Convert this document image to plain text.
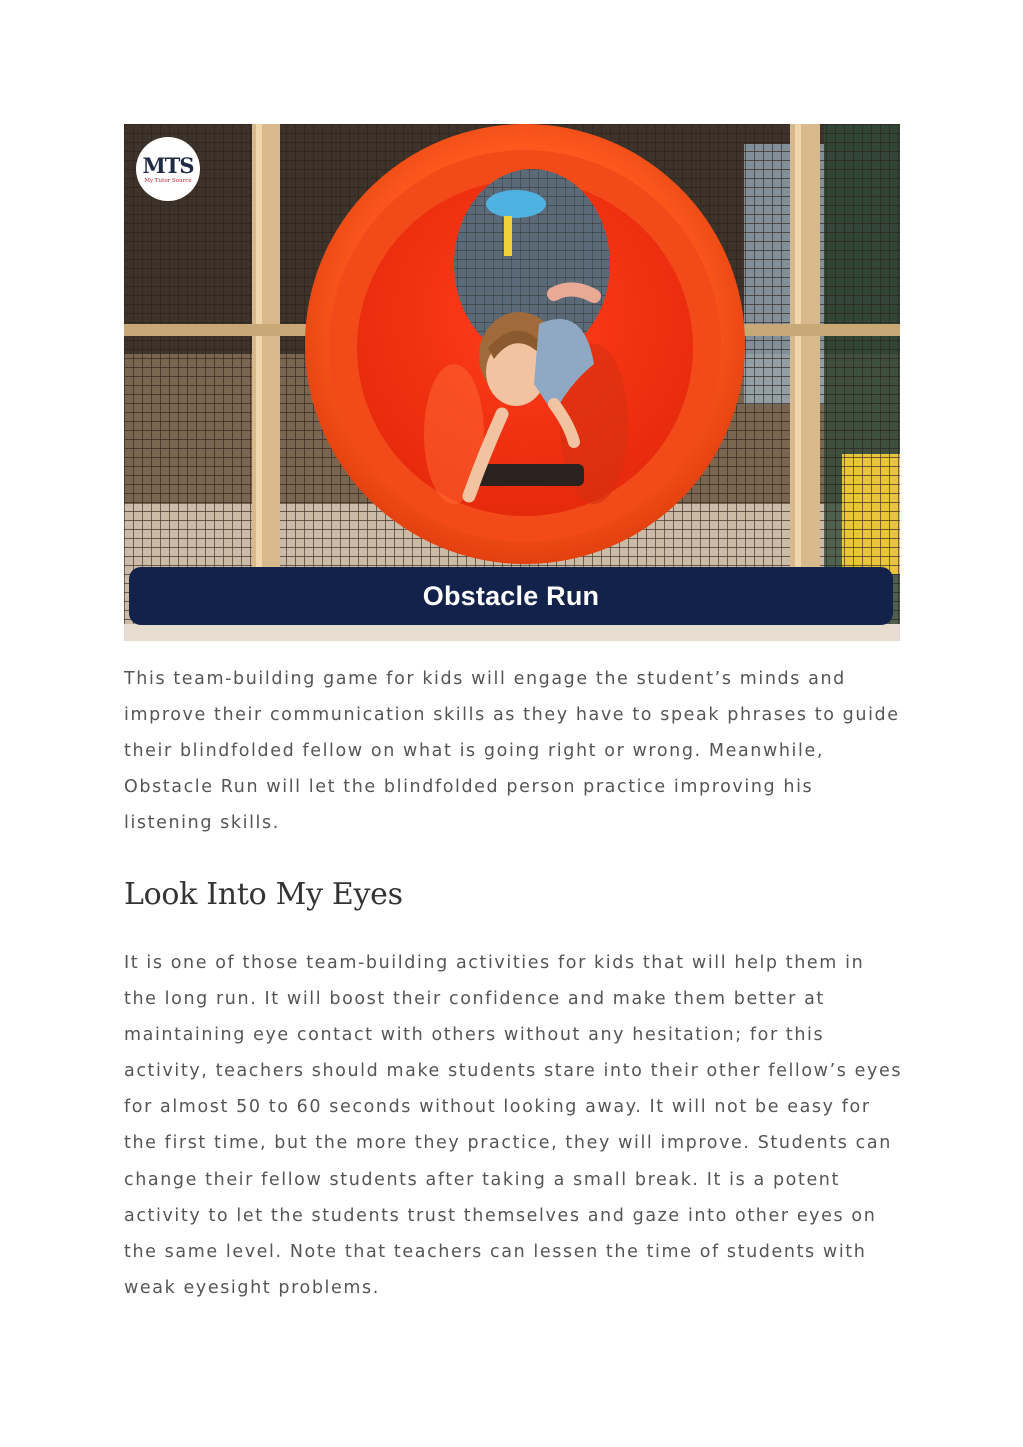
MTS
My Tutor Source
Obstacle Run

This team-building game for kids will engage the student’s minds and improve their communication skills as they have to speak phrases to guide their blindfolded fellow on what is going right or wrong. Meanwhile, Obstacle Run will let the blindfolded person practice improving his listening skills.

Look Into My Eyes

It is one of those team-building activities for kids that will help them in the long run. It will boost their confidence and make them better at maintaining eye contact with others without any hesitation; for this activity, teachers should make students stare into their other fellow’s eyes for almost 50 to 60 seconds without looking away. It will not be easy for the first time, but the more they practice, they will improve. Students can change their fellow students after taking a small break. It is a potent activity to let the students trust themselves and gaze into other eyes on the same level. Note that teachers can lessen the time of students with weak eyesight problems.
